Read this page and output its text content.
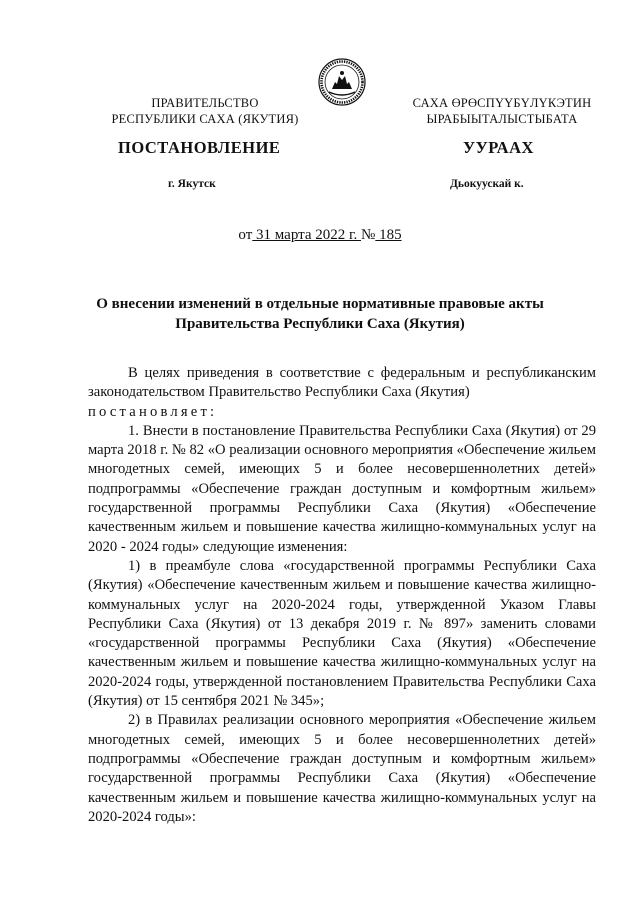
ПРАВИТЕЛЬСТВО
РЕСПУБЛИКИ САХА (ЯКУТИЯ)
САХА ӨРӨСПҮҮБҮЛҮКЭТИН
ЫРАБЫЫТАЛЫСТЫБАТА
ПОСТАНОВЛЕНИЕ	УУРААХ
г. Якутск	Дьокуускай к.
от 31 марта 2022 г. № 185
О внесении изменений в отдельные нормативные правовые акты
Правительства Республики Саха (Якутия)

В целях приведения в соответствие с федеральным и республиканским законодательством Правительство Республики Саха (Якутия)

постановляет:

1. Внести в постановление Правительства Республики Саха (Якутия) от 29 марта 2018 г. № 82 «О реализации основного мероприятия «Обеспечение жильем многодетных семей, имеющих 5 и более несовершеннолетних детей» подпрограммы «Обеспечение граждан доступным и комфортным жильем» государственной программы Республики Саха (Якутия) «Обеспечение качественным жильем и повышение качества жилищно-коммунальных услуг на 2020 - 2024 годы» следующие изменения:

1) в преамбуле слова «государственной программы Республики Саха (Якутия) «Обеспечение качественным жильем и повышение качества жилищно-коммунальных услуг на 2020-2024 годы, утвержденной Указом Главы Республики Саха (Якутия) от 13 декабря 2019 г. № 897» заменить словами «государственной программы Республики Саха (Якутия) «Обеспечение качественным жильем и повышение качества жилищно-коммунальных услуг на 2020-2024 годы, утвержденной постановлением Правительства Республики Саха (Якутия) от 15 сентября 2021 № 345»;

2) в Правилах реализации основного мероприятия «Обеспечение жильем многодетных семей, имеющих 5 и более несовершеннолетних детей» подпрограммы «Обеспечение граждан доступным и комфортным жильем» государственной программы Республики Саха (Якутия) «Обеспечение качественным жильем и повышение качества жилищно-коммунальных услуг на 2020-2024 годы»:
